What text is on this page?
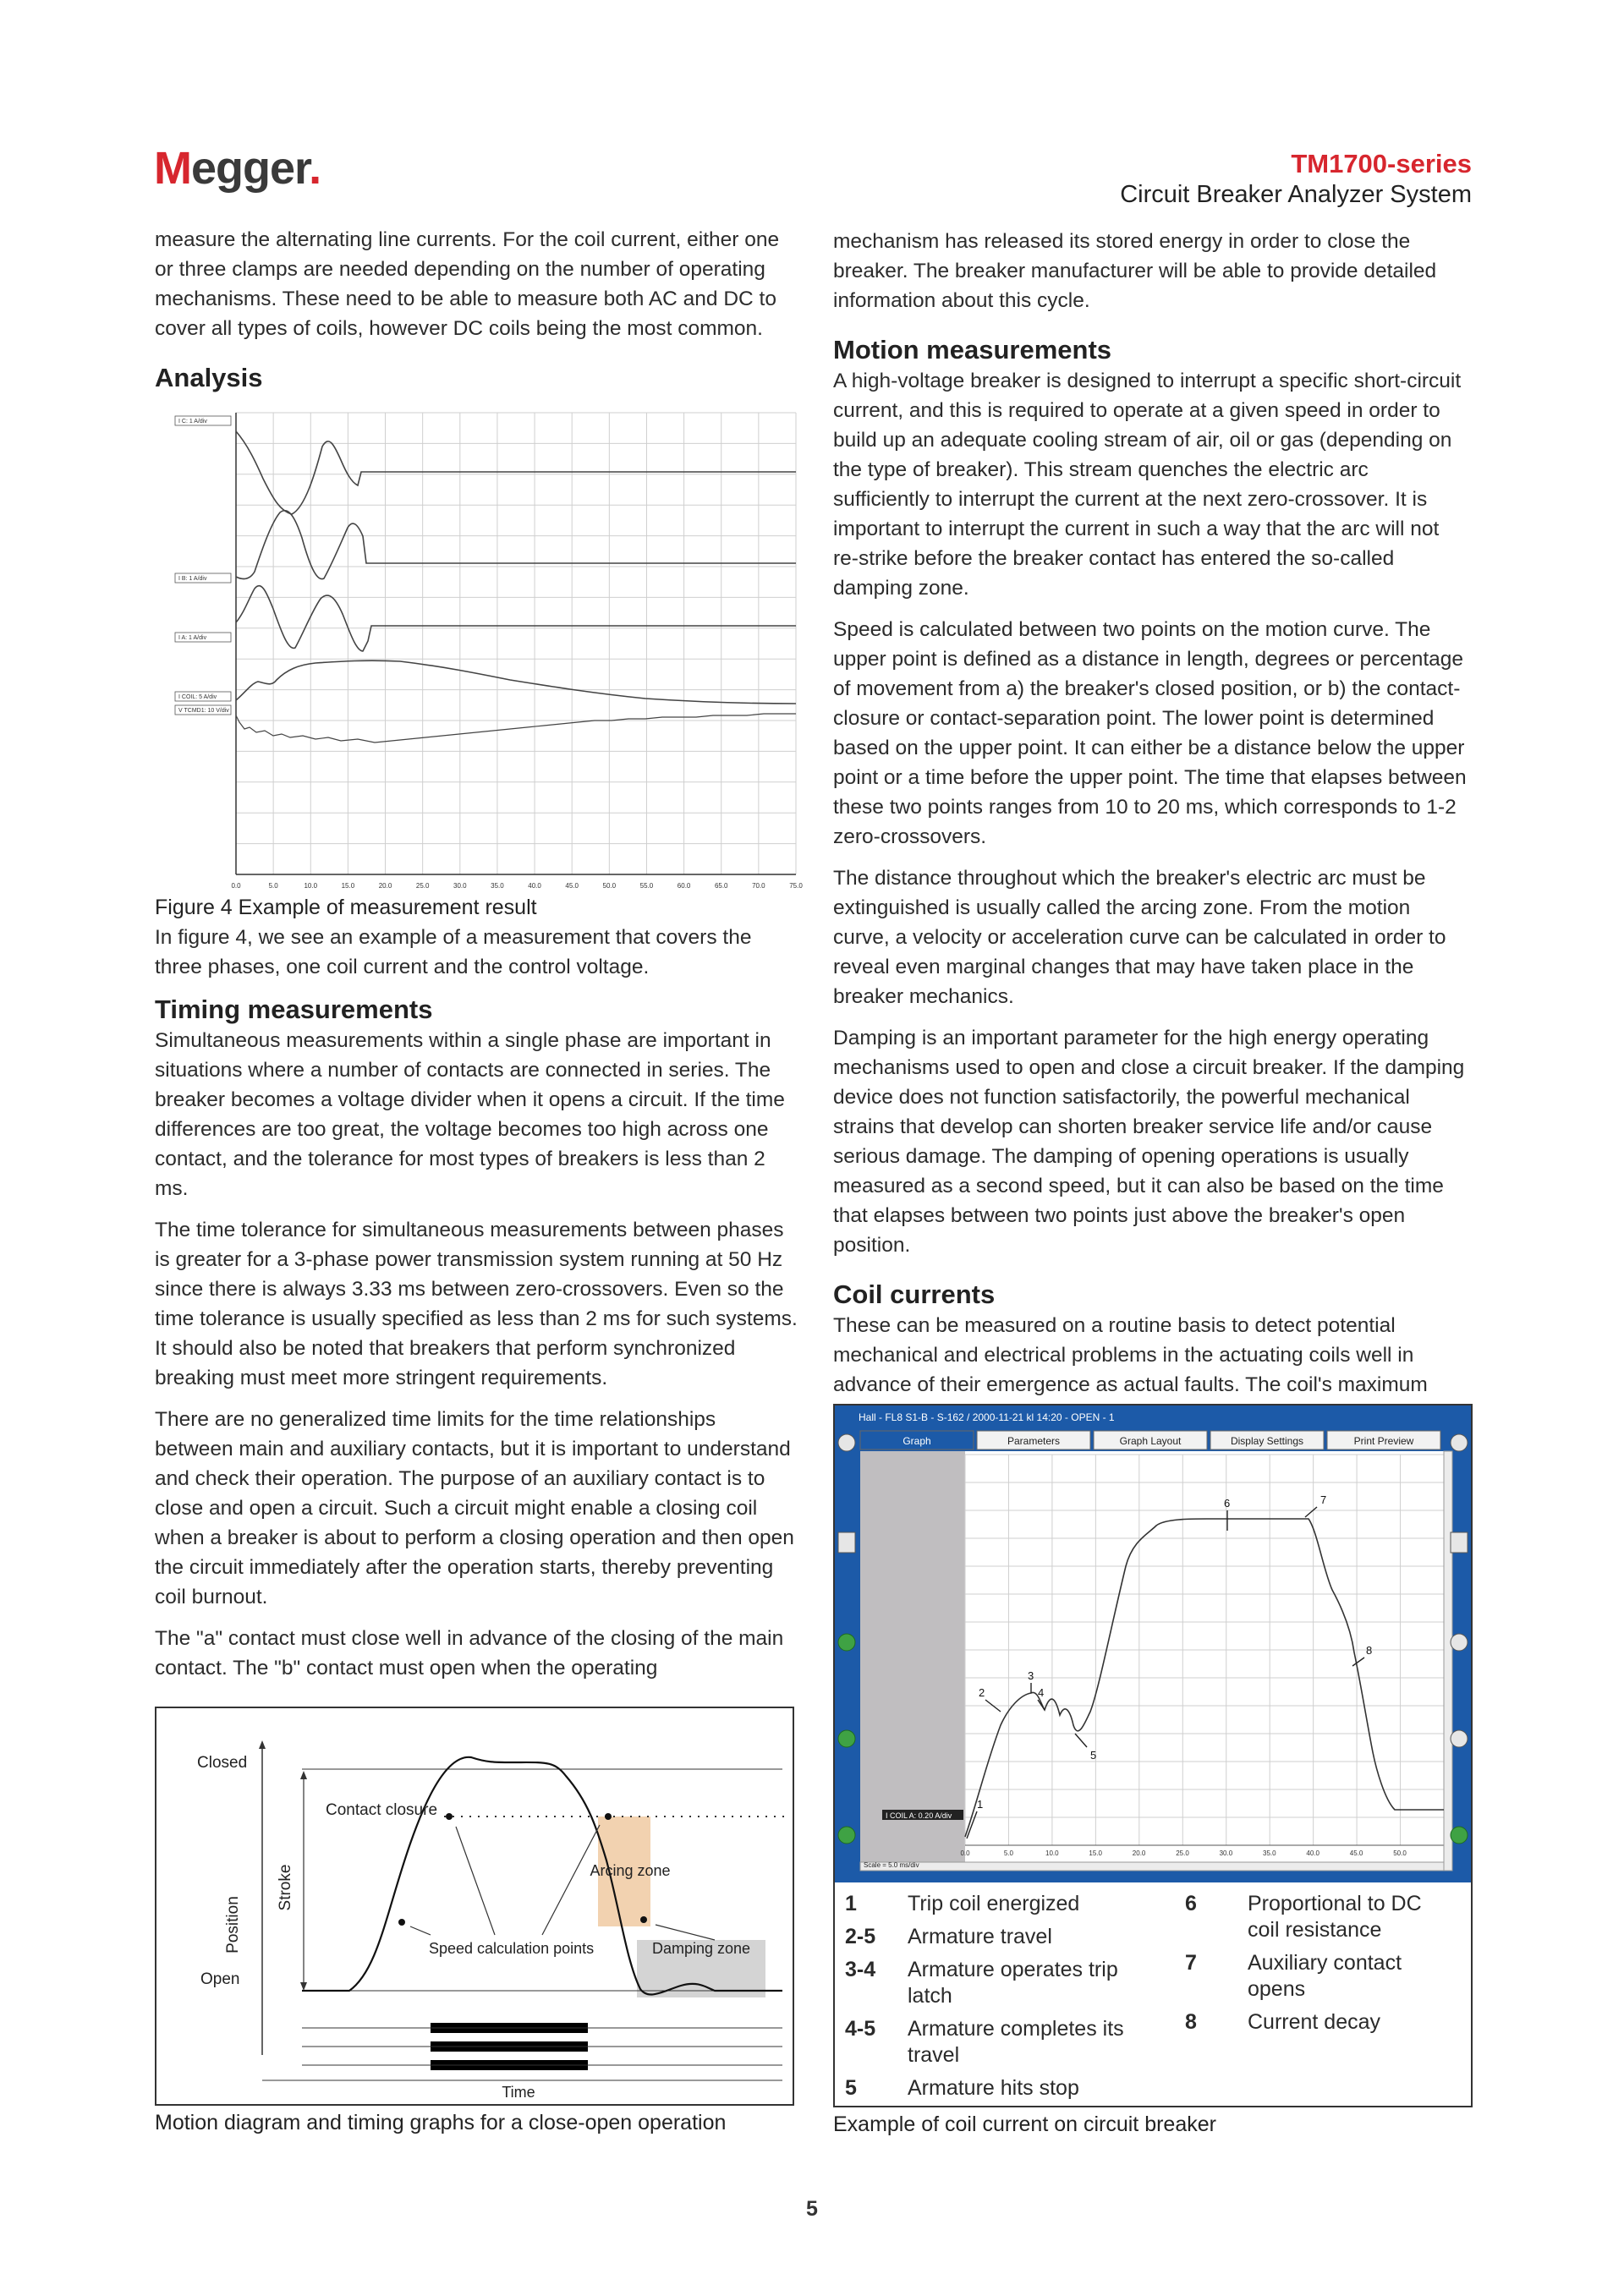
Megger.	TM1700-series
Circuit Breaker Analyzer System

measure the alternating line currents. For the coil current, either one or three clamps are needed depending on the number of operating mechanisms. These need to be able to measure both AC and DC to cover all types of coils, however DC coils being the most common.

Analysis
0.0	5.0	10.0	15.0	20.0	25.0	30.0	35.0	40.0	45.0	50.0	55.0	60.0	65.0	70.0	75.0
I C: 1 A/div
I B: 1 A/div
I A: 1 A/div
I COIL: 5 A/div
V TCMD1: 10 V/div
Figure 4 Example of measurement result

In figure 4, we see an example of a measurement that covers the three phases, one coil current and the control voltage.

Timing measurements

Simultaneous measurements within a single phase are important in situations where a number of contacts are connected in series. The breaker becomes a voltage divider when it opens a circuit. If the time differences are too great, the voltage becomes too high across one contact, and the tolerance for most types of breakers is less than 2 ms.

The time tolerance for simultaneous measurements between phases is greater for a 3-phase power transmission system running at 50 Hz since there is always 3.33 ms between zero-crossovers. Even so the time tolerance is usually specified as less than 2 ms for such systems. It should also be noted that breakers that perform synchronized breaking must meet more stringent requirements.

There are no generalized time limits for the time relationships between main and auxiliary contacts, but it is important to understand and check their operation. The purpose of an auxiliary contact is to close and open a circuit. Such a circuit might enable a closing coil when a breaker is about to perform a closing operation and then open the circuit immediately after the operation starts, thereby preventing coil burnout.

The "a" contact must close well in advance of the closing of the main contact. The "b" contact must open when the operating

Closed
Open
Position
Stroke
Contact closure
Arcing zone
Damping zone
Speed calculation points
Time
Motion diagram and timing graphs for a close-open operation

mechanism has released its stored energy in order to close the breaker. The breaker manufacturer will be able to provide detailed information about this cycle.

Motion measurements

A high-voltage breaker is designed to interrupt a specific short-circuit current, and this is required to operate at a given speed in order to build up an adequate cooling stream of air, oil or gas (depending on the type of breaker). This stream quenches the electric arc sufficiently to interrupt the current at the next zero-crossover. It is important to interrupt the current in such a way that the arc will not re-strike before the breaker contact has entered the so-called damping zone.

Speed is calculated between two points on the motion curve. The upper point is defined as a distance in length, degrees or percentage of movement from a) the breaker's closed position, or b) the contact-closure or contact-separation point. The lower point is determined based on the upper point. It can either be a distance below the upper point or a time before the upper point. The time that elapses between these two points ranges from 10 to 20 ms, which corresponds to 1-2 zero-crossovers.

The distance throughout which the breaker's electric arc must be extinguished is usually called the arcing zone. From the motion curve, a velocity or acceleration curve can be calculated in order to reveal even marginal changes that may have taken place in the breaker mechanics.

Damping is an important parameter for the high energy operating mechanisms used to open and close a circuit breaker. If the damping device does not function satisfactorily, the powerful mechanical strains that develop can shorten breaker service life and/or cause serious damage. The damping of opening operations is usually measured as a second speed, but it can also be based on the time that elapses between two points just above the breaker's open position.

Coil currents

These can be measured on a routine basis to detect potential mechanical and electrical problems in the actuating coils well in advance of their emergence as actual faults. The coil's maximum

Hall - FL8 S1-B - S-162 / 2000-11-21 kl 14:20 - OPEN - 1
Graph	Parameters	Graph Layout	Display Settings	Print Preview
1
2
3
4
5
6	7
8
I COIL A: 0.20 A/div
Scale = 5.0 ms/div
0.0	5.0	10.0	15.0	20.0	25.0	30.0	35.0	40.0	45.0	50.0
1	Trip coil energized
2-5	Armature travel
3-4	Armature operates trip latch
4-5	Armature completes its travel
5	Armature hits stop
6	Proportional to DC coil resistance
7	Auxiliary contact opens
8	Current decay
Example of coil current on circuit breaker
5
